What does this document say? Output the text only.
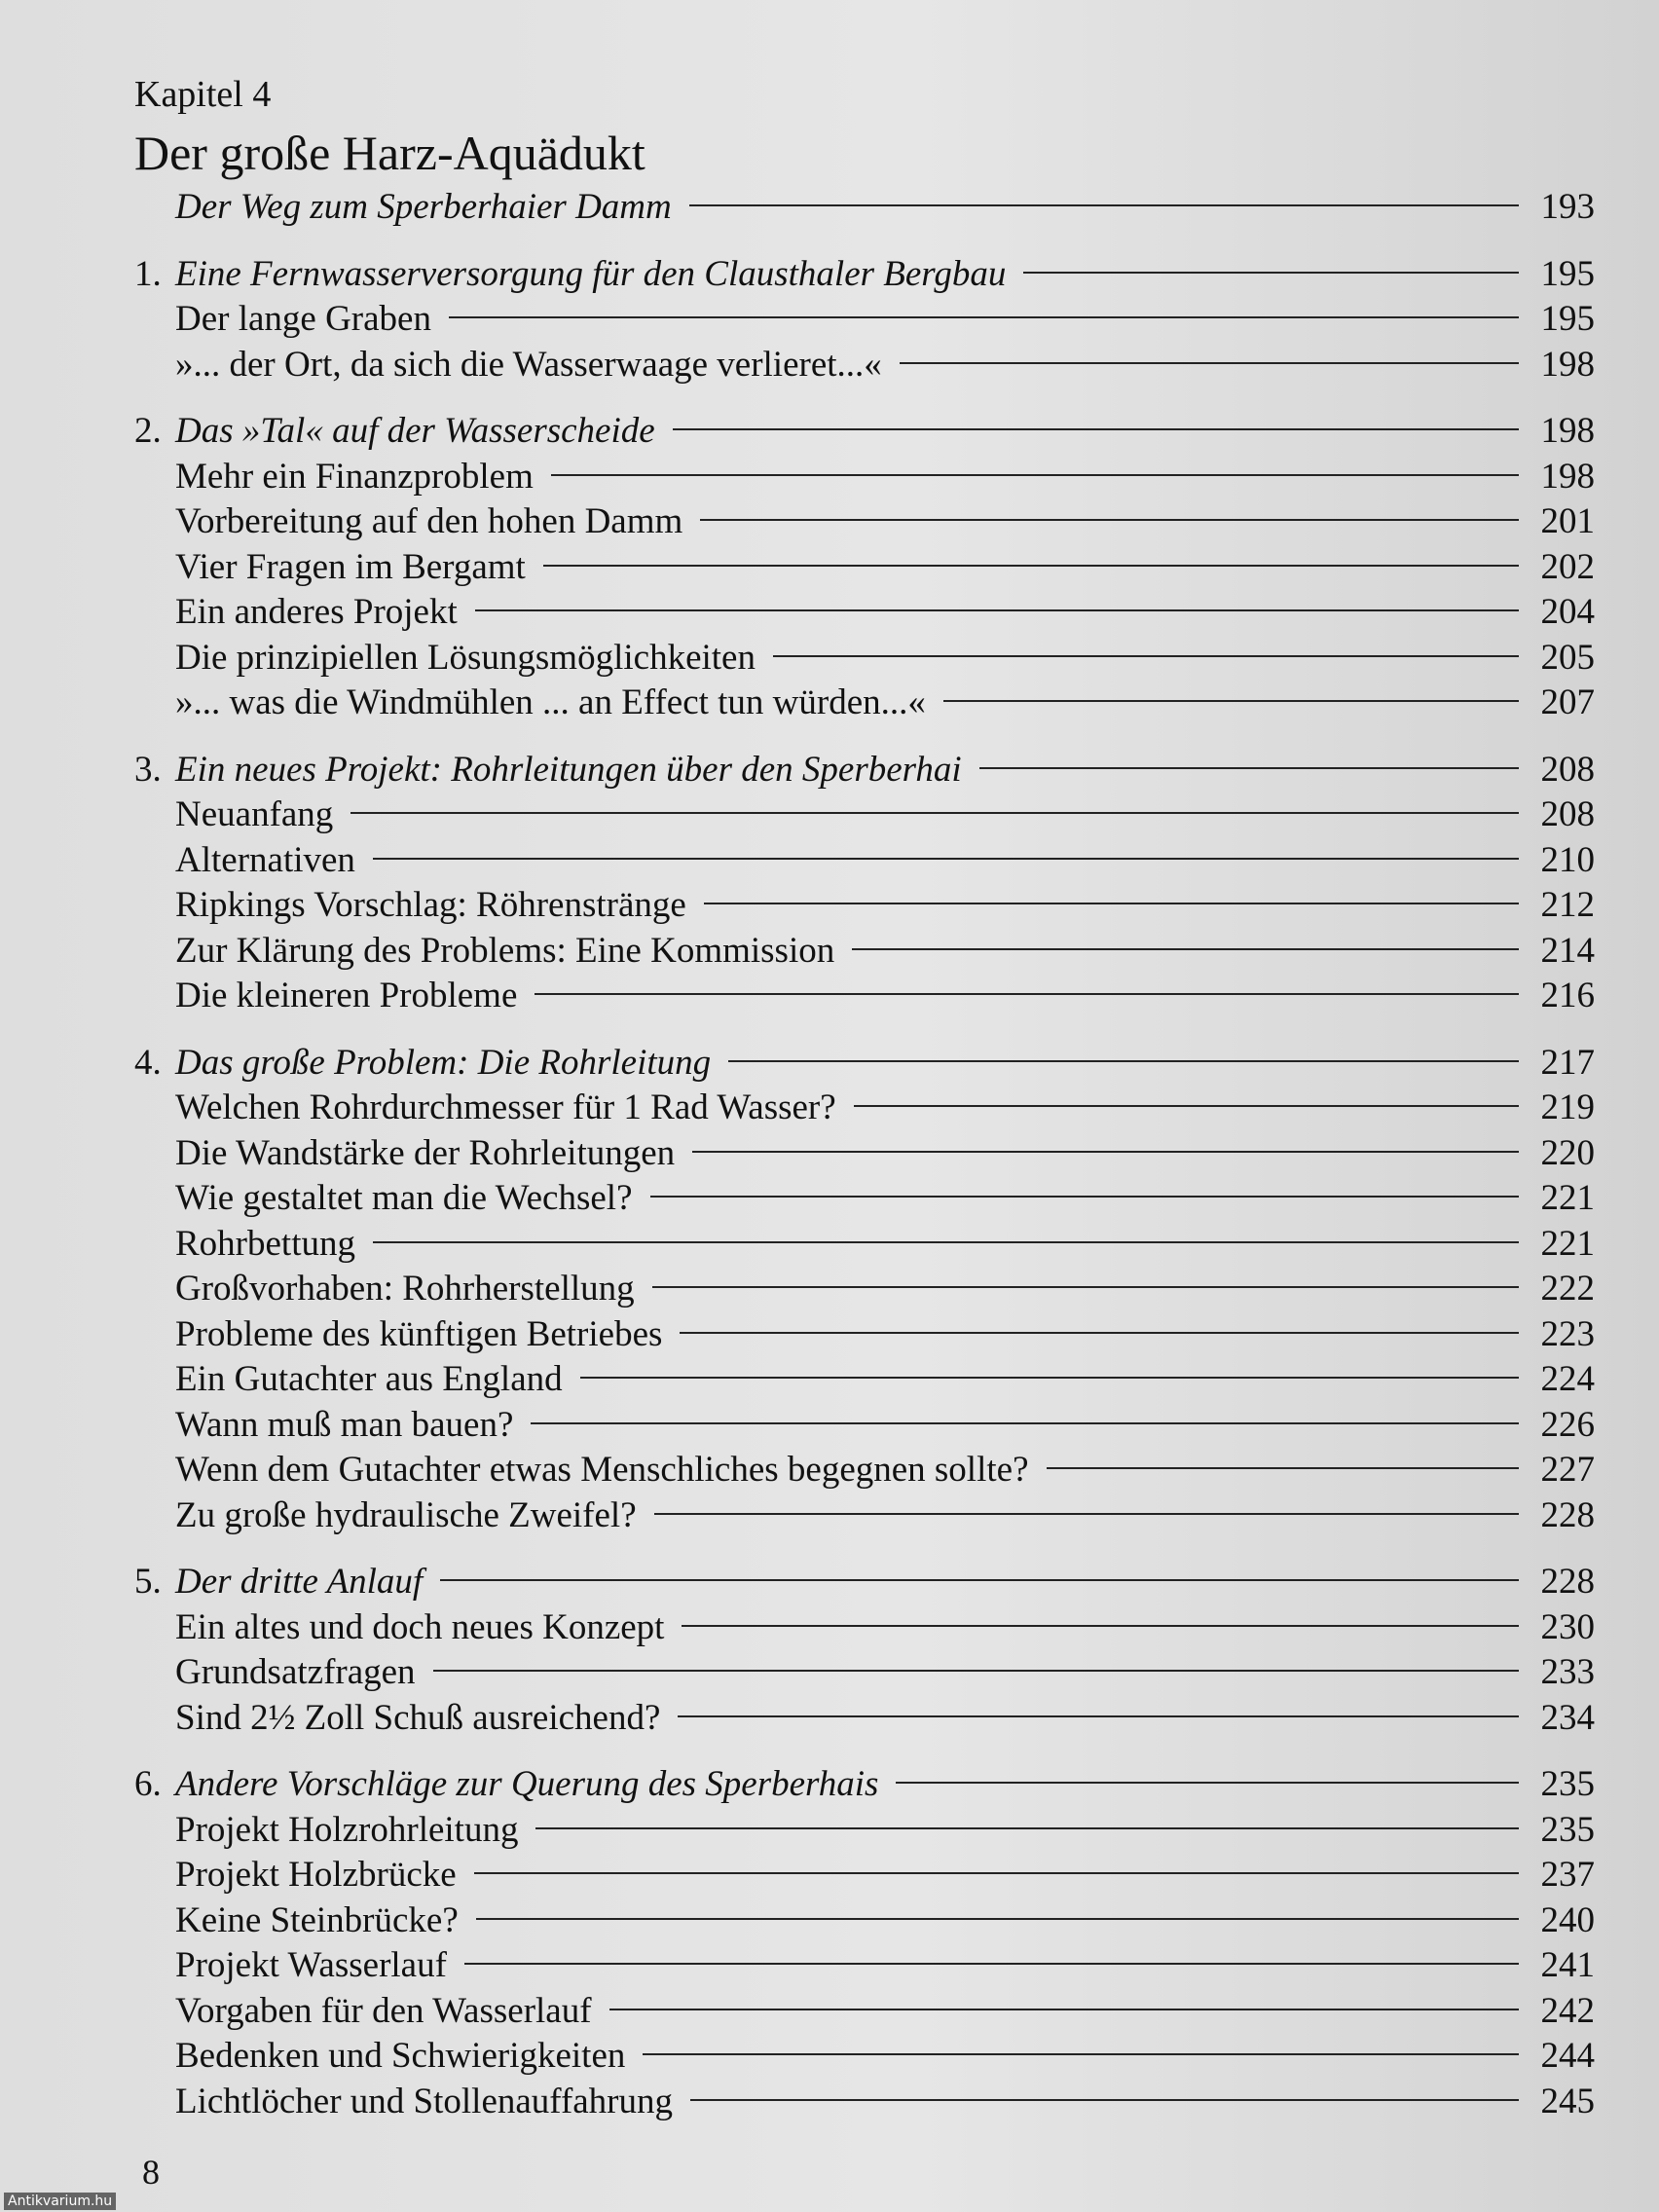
Kapitel 4
Der große Harz-Aquädukt
Der Weg zum Sperberhaier Damm	193
1. Eine Fernwasserversorgung für den Clausthaler Bergbau	195
Der lange Graben	195
»... der Ort, da sich die Wasserwaage verlieret...«	198
2. Das »Tal« auf der Wasserscheide	198
Mehr ein Finanzproblem	198
Vorbereitung auf den hohen Damm	201
Vier Fragen im Bergamt	202
Ein anderes Projekt	204
Die prinzipiellen Lösungsmöglichkeiten	205
»... was die Windmühlen ... an Effect tun würden...«	207
3. Ein neues Projekt: Rohrleitungen über den Sperberhai	208
Neuanfang	208
Alternativen	210
Ripkings Vorschlag: Röhrenstränge	212
Zur Klärung des Problems: Eine Kommission	214
Die kleineren Probleme	216
4. Das große Problem: Die Rohrleitung	217
Welchen Rohrdurchmesser für 1 Rad Wasser?	219
Die Wandstärke der Rohrleitungen	220
Wie gestaltet man die Wechsel?	221
Rohrbettung	221
Großvorhaben: Rohrherstellung	222
Probleme des künftigen Betriebes	223
Ein Gutachter aus England	224
Wann muß man bauen?	226
Wenn dem Gutachter etwas Menschliches begegnen sollte?	227
Zu große hydraulische Zweifel?	228
5. Der dritte Anlauf	228
Ein altes und doch neues Konzept	230
Grundsatzfragen	233
Sind 2½ Zoll Schuß ausreichend?	234
6. Andere Vorschläge zur Querung des Sperberhais	235
Projekt Holzrohrleitung	235
Projekt Holzbrücke	237
Keine Steinbrücke?	240
Projekt Wasserlauf	241
Vorgaben für den Wasserlauf	242
Bedenken und Schwierigkeiten	244
Lichtlöcher und Stollenauffahrung	245
8
Antikvarium.hu
